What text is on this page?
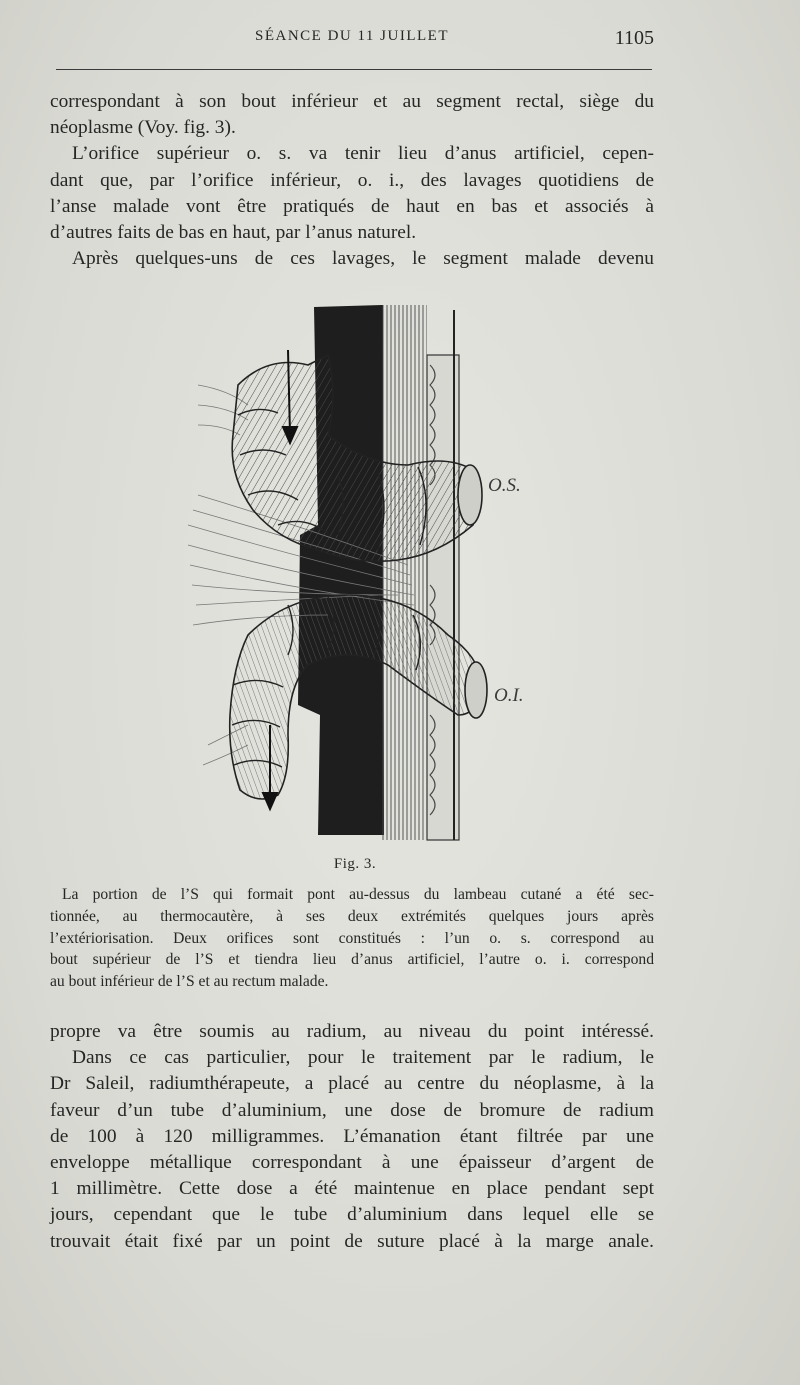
SÉANCE DU 11 JUILLET	1105
correspondant à son bout inférieur et au segment rectal, siège du
néoplasme (Voy. fig. 3).
L’orifice supérieur o. s. va tenir lieu d’anus artificiel, cepen-
dant que, par l’orifice inférieur, o. i., des lavages quotidiens de
l’anse malade vont être pratiqués de haut en bas et associés à
d’autres faits de bas en haut, par l’anus naturel.
Après quelques-uns de ces lavages, le segment malade devenu
O.S.
O.I.
Fig. 3.
La portion de l’S qui formait pont au-dessus du lambeau cutané a été sec-
tionnée, au thermocautère, à ses deux extrémités quelques jours après
l’extériorisation. Deux orifices sont constitués : l’un o. s. correspond au
bout supérieur de l’S et tiendra lieu d’anus artificiel, l’autre o. i. correspond
au bout inférieur de l’S et au rectum malade.
propre va être soumis au radium, au niveau du point intéressé.
Dans ce cas particulier, pour le traitement par le radium, le
Dr Saleil, radiumthérapeute, a placé au centre du néoplasme, à la
faveur d’un tube d’aluminium, une dose de bromure de radium
de 100 à 120 milligrammes. L’émanation étant filtrée par une
enveloppe métallique correspondant à une épaisseur d’argent de
1 millimètre. Cette dose a été maintenue en place pendant sept
jours, cependant que le tube d’aluminium dans lequel elle se
trouvait était fixé par un point de suture placé à la marge anale.
